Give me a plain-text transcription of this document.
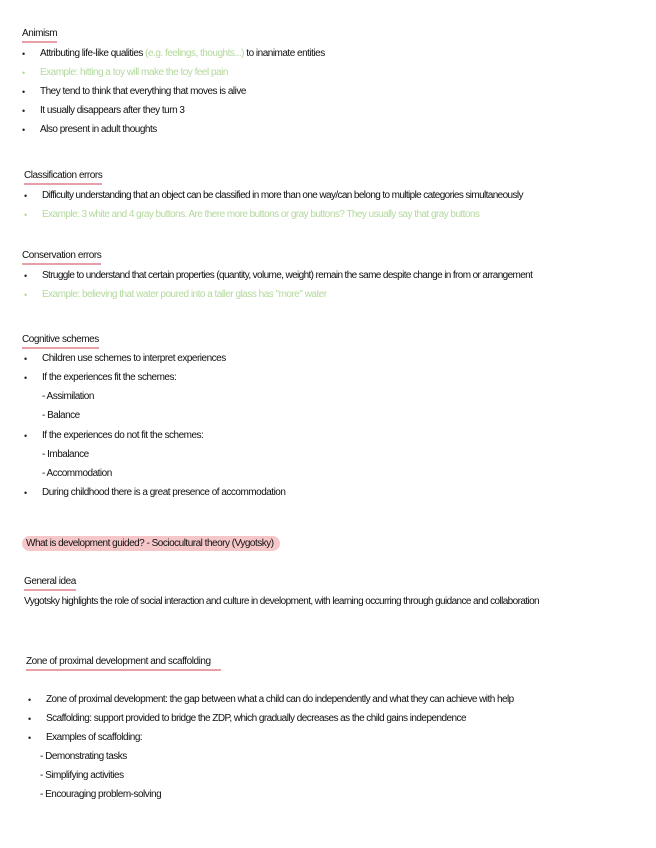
Animism
• Attributing life-like qualities (e.g. feelings, thoughts...) to inanimate entities
• Example: hitting a toy will make the toy feel pain
• They tend to think that everything that moves is alive
• It usually disappears after they turn 3
• Also present in adult thoughts
Classification errors
• Difficulty understanding that an object can be classified in more than one way/can belong to multiple categories simultaneously
• Example: 3 white and 4 gray buttons. Are there more buttons or gray buttons? They usually say that gray buttons
Conservation errors
• Struggle to understand that certain properties (quantity, volume, weight) remain the same despite change in from or arrangement
• Example: believing that water poured into a taller glass has "more" water
Cognitive schemes
• Children use schemes to interpret experiences
• If the experiences fit the schemes:
- Assimilation
- Balance
• If the experiences do not fit the schemes:
- Imbalance
- Accommodation
• During childhood there is a great presence of accommodation
What is development guided? - Sociocultural theory (Vygotsky)
General idea
Vygotsky highlights the role of social interaction and culture in development, with learning occurring through guidance and collaboration
Zone of proximal development and scaffolding
• Zone of proximal development: the gap between what a child can do independently and what they can achieve with help
• Scaffolding: support provided to bridge the ZDP, which gradually decreases as the child gains independence
• Examples of scaffolding:
- Demonstrating tasks
- Simplifying activities
- Encouraging problem-solving
